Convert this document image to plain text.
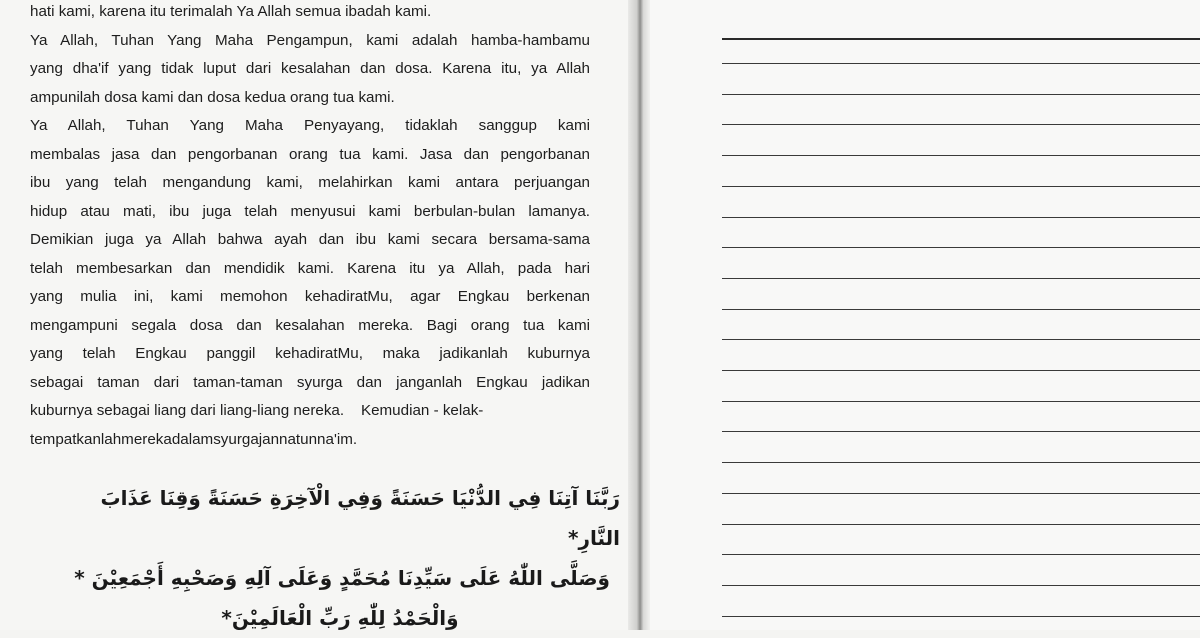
hati kami, karena itu terimalah Ya Allah semua ibadah kami.
Ya Allah, Tuhan Yang Maha Pengampun, kami adalah hamba-hambamu
yang dha'if yang tidak luput dari kesalahan dan dosa. Karena itu, ya Allah
ampunilah dosa kami dan dosa kedua orang tua kami.
Ya Allah, Tuhan Yang Maha Penyayang, tidaklah sanggup kami
membalas jasa dan pengorbanan orang tua kami. Jasa dan pengorbanan
ibu yang telah mengandung kami, melahirkan kami antara perjuangan
hidup atau mati, ibu juga telah menyusui kami berbulan-bulan lamanya.
Demikian juga ya Allah bahwa ayah dan ibu kami secara bersama-sama
telah membesarkan dan mendidik kami. Karena itu ya Allah, pada hari
yang mulia ini, kami memohon kehadiratMu, agar Engkau berkenan
mengampuni segala dosa dan kesalahan mereka. Bagi orang tua kami
yang telah Engkau panggil kehadiratMu, maka jadikanlah kuburnya
sebagai taman dari taman-taman syurga dan janganlah Engkau jadikan
kuburnya sebagai liang dari liang-liang nereka.    Kemudian - kelak-
tempatkanlahmerekadalamsyurgajannatunna'im.
رَبَّنَا آتِنَا فِي الدُّنْيَا حَسَنَةً وَفِي الْآخِرَةِ حَسَنَةً وَقِنَا عَذَابَ النَّارِ*
وَصَلَّى اللّٰهُ عَلَى سَيِّدِنَا مُحَمَّدٍ وَعَلَى آلِهِ وَصَحْبِهِ أَجْمَعِيْنَ *
وَالْحَمْدُ لِلّٰهِ رَبِّ الْعَالَمِيْنَ*
